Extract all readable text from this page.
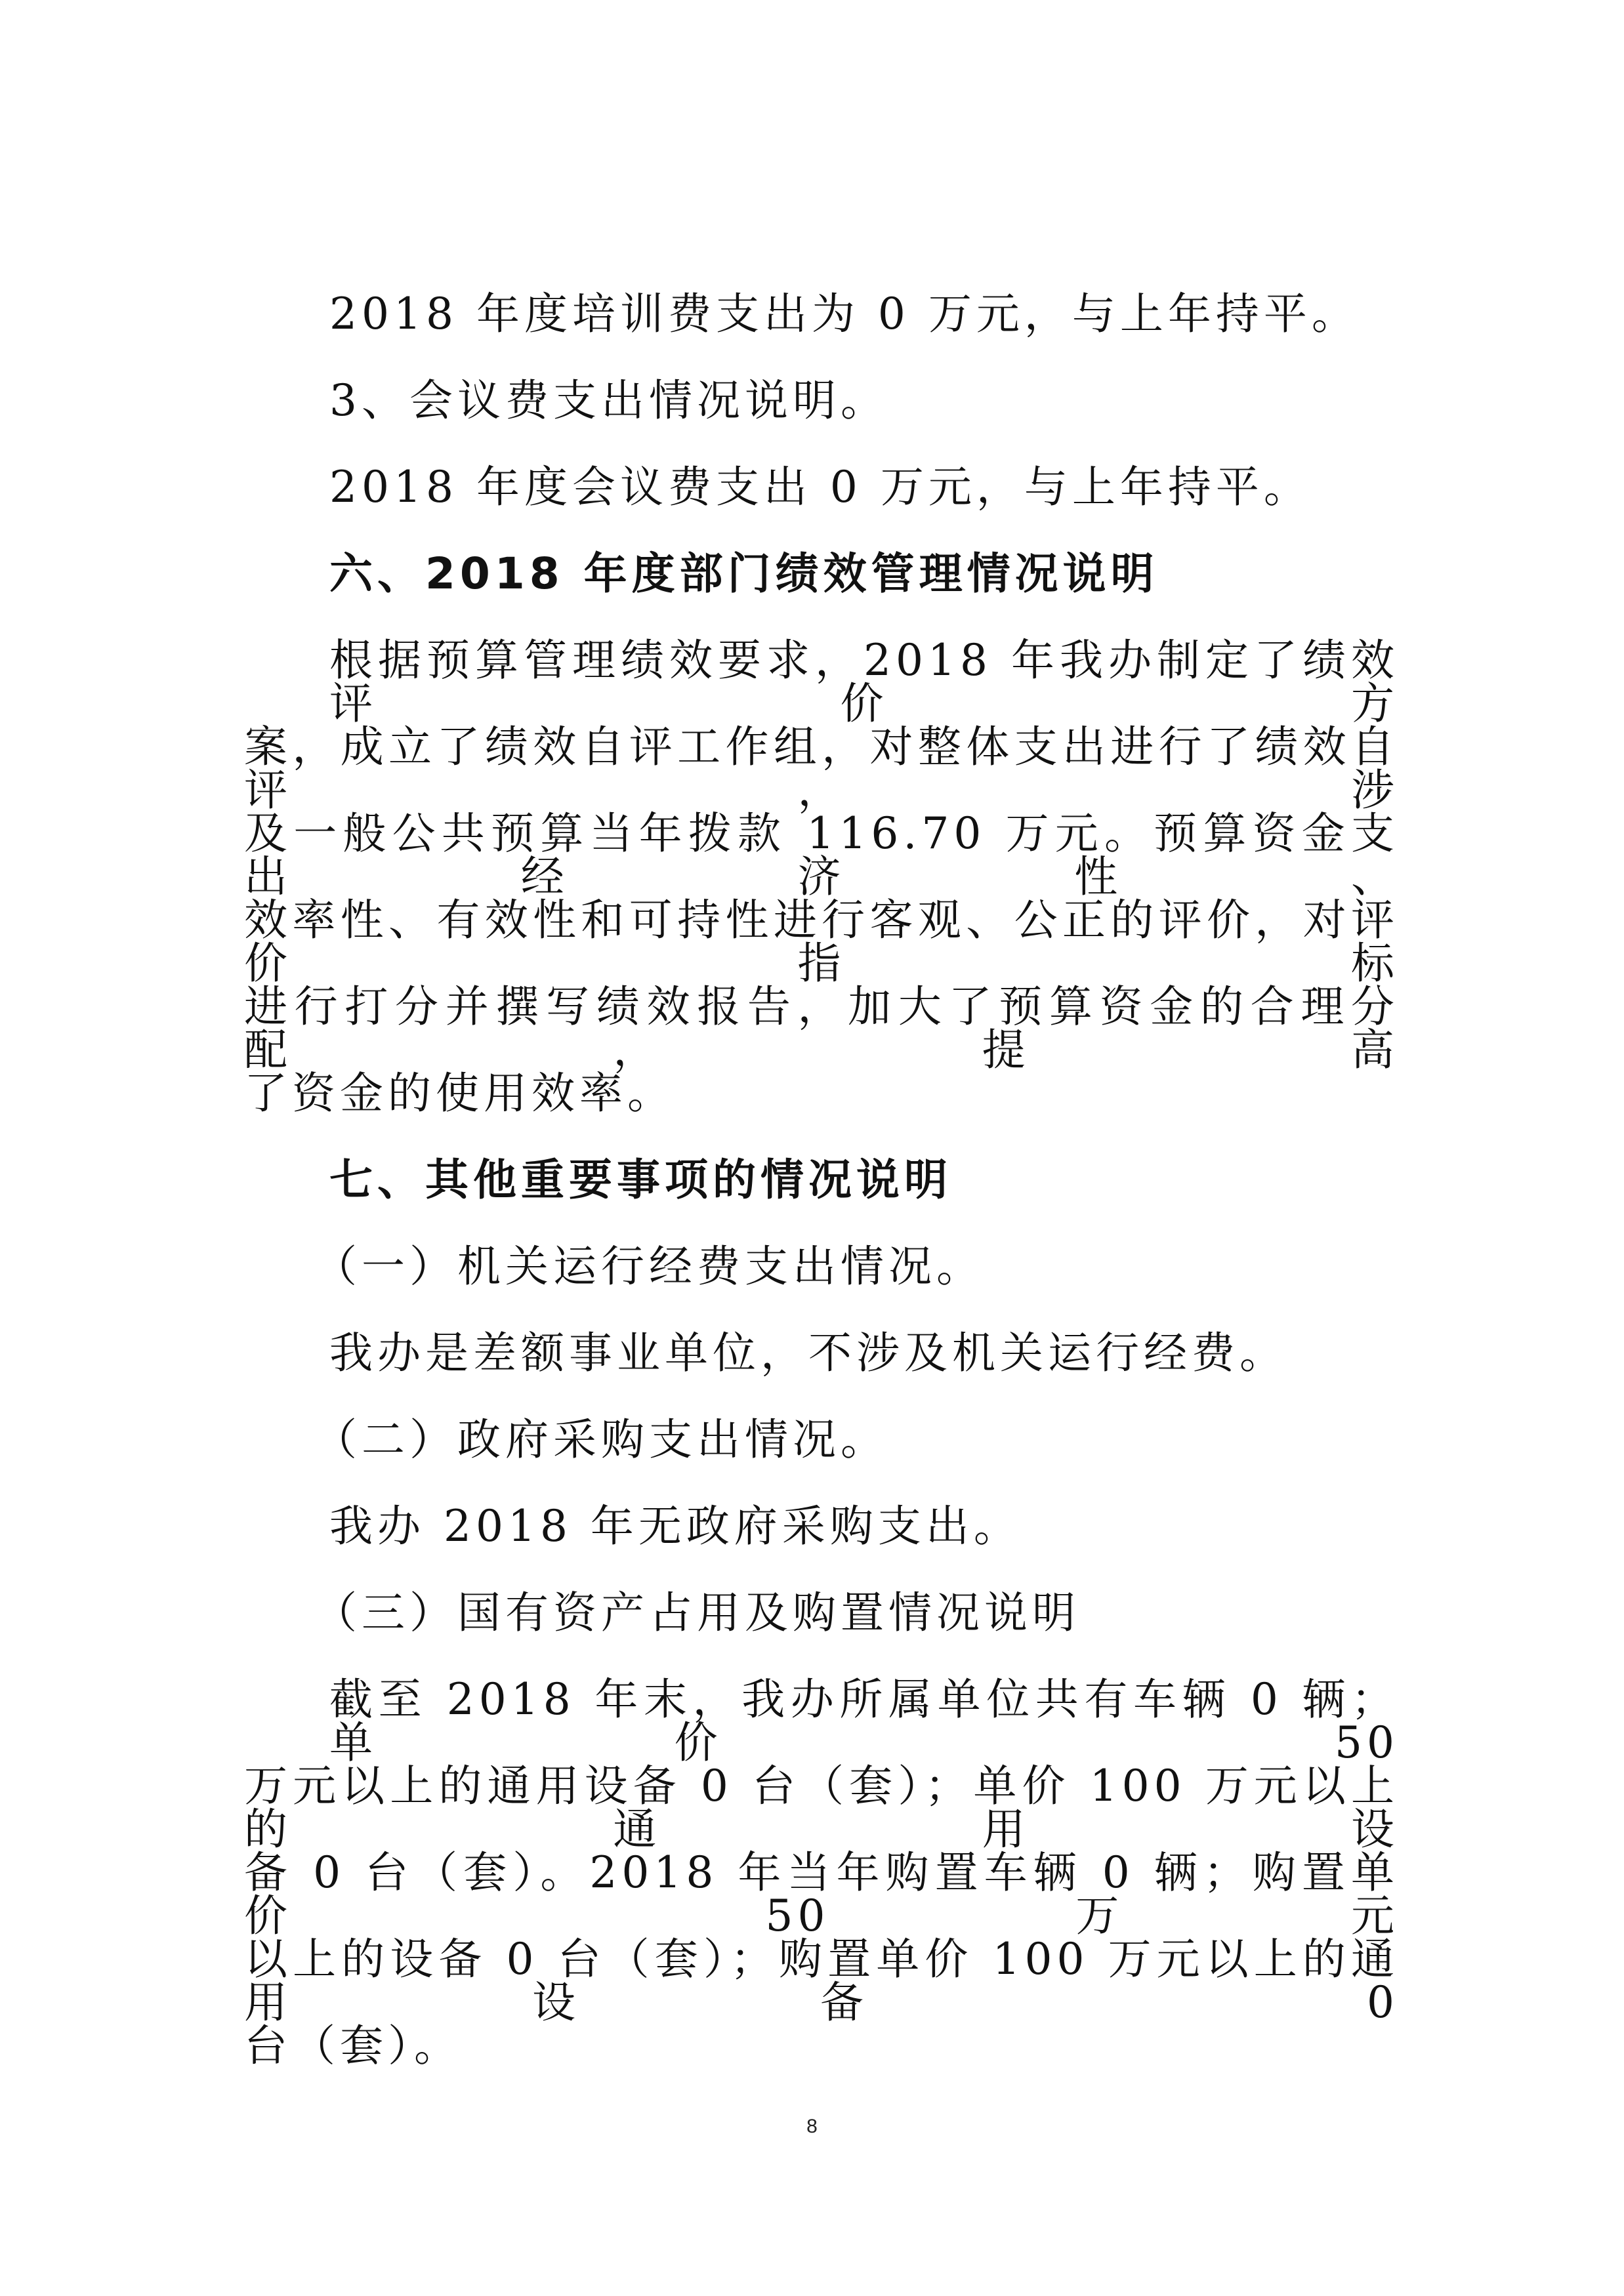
2018 年度培训费支出为 0 万元，与上年持平。
3、会议费支出情况说明。
2018 年度会议费支出 0 万元，与上年持平。
六、2018 年度部门绩效管理情况说明
根据预算管理绩效要求，2018 年我办制定了绩效评价方
案，成立了绩效自评工作组，对整体支出进行了绩效自评，涉
及一般公共预算当年拨款 116.70 万元。预算资金支出经济性、
效率性、有效性和可持性进行客观、公正的评价，对评价指标
进行打分并撰写绩效报告，加大了预算资金的合理分配，提高
了资金的使用效率。
七、其他重要事项的情况说明
（一）机关运行经费支出情况。
我办是差额事业单位，不涉及机关运行经费。
（二）政府采购支出情况。
我办 2018 年无政府采购支出。
（三）国有资产占用及购置情况说明
截至 2018 年末，我办所属单位共有车辆 0 辆；单价 50
万元以上的通用设备 0 台（套）；单价 100 万元以上的通用设
备 0 台（套）。2018 年当年购置车辆 0 辆；购置单价 50 万元
以上的设备 0 台（套）；购置单价 100 万元以上的通用设备 0
台（套）。
8
